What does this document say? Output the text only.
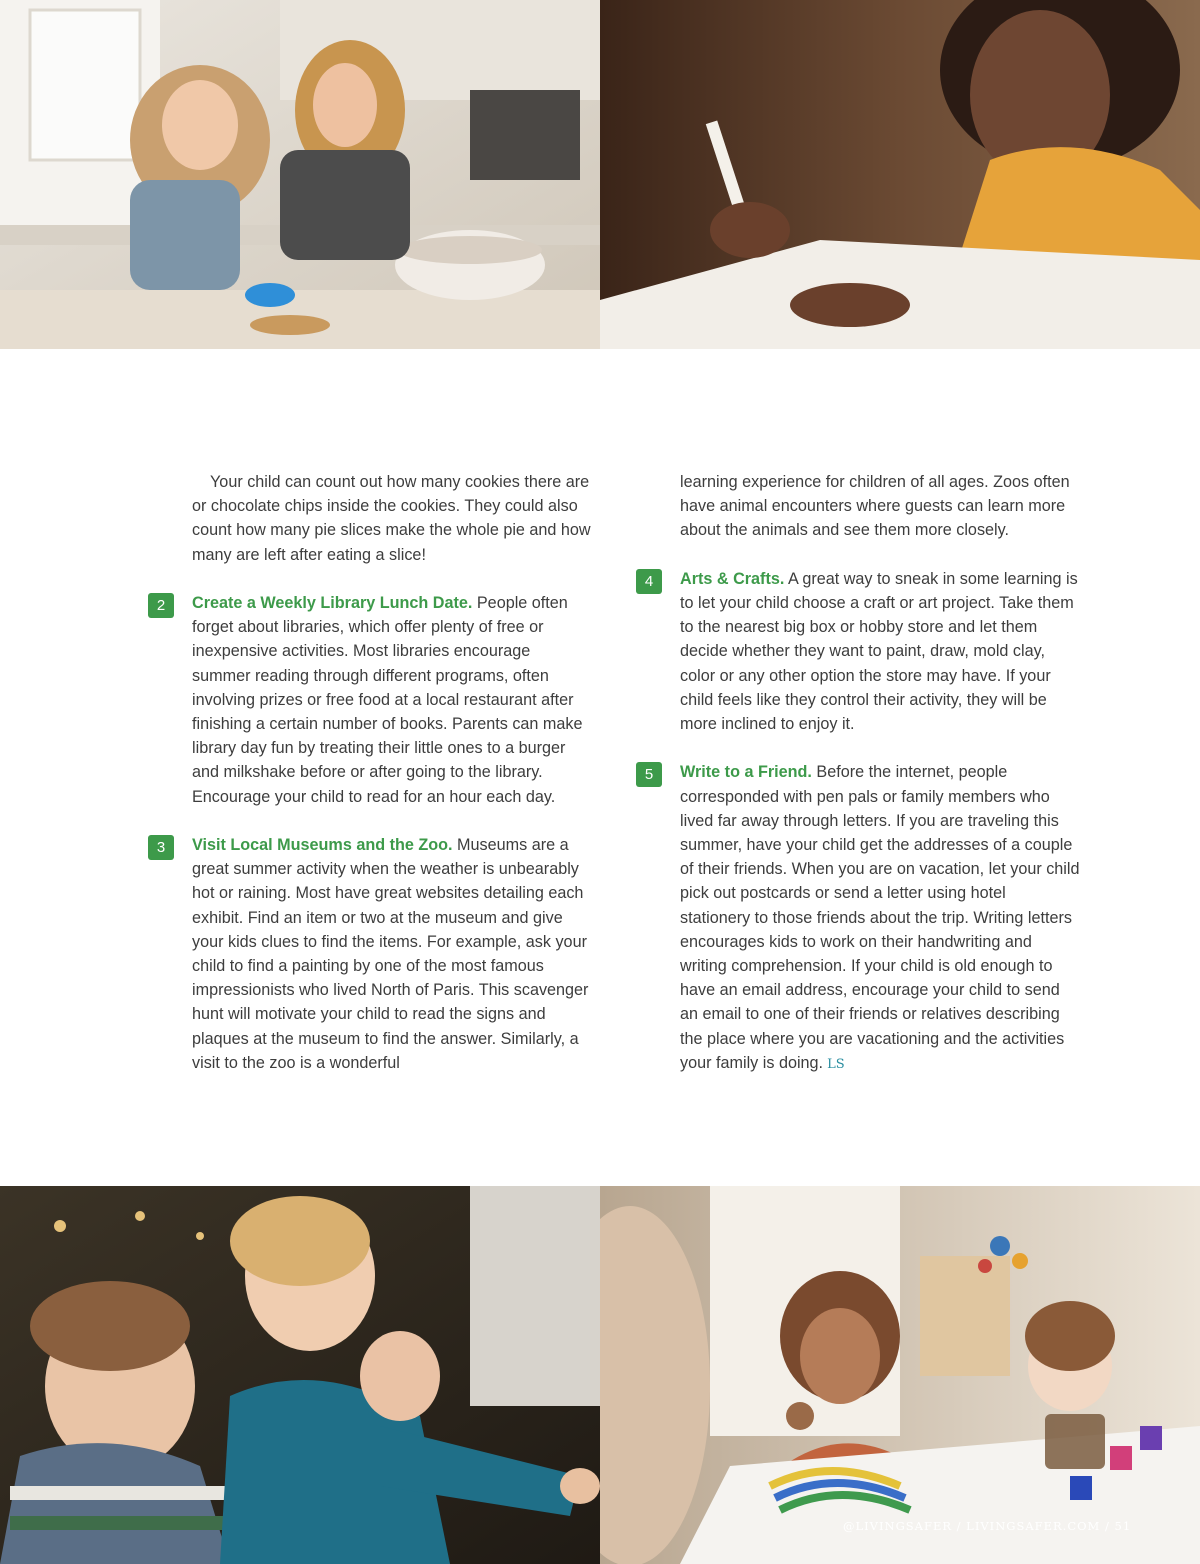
Your child can count out how many cookies there are or chocolate chips inside the cookies. They could also count how many pie slices make the whole pie and how many are left after eating a slice!

2	Create a Weekly Library Lunch Date. People often forget about libraries, which offer plenty of free or inexpensive activities. Most libraries encourage summer reading through different programs, often involving prizes or free food at a local restaurant after finishing a certain number of books. Parents can make library day fun by treating their little ones to a burger and milkshake before or after going to the library. Encourage your child to read for an hour each day.

3	Visit Local Museums and the Zoo. Museums are a great summer activity when the weather is unbearably hot or raining. Most have great websites detailing each exhibit. Find an item or two at the museum and give your kids clues to find the items. For example, ask your child to find a painting by one of the most famous impressionists who lived North of Paris. This scavenger hunt will motivate your child to read the signs and plaques at the museum to find the answer. Similarly, a visit to the zoo is a wonderful

learning experience for children of all ages. Zoos often have animal encounters where guests can learn more about the animals and see them more closely.

4	Arts & Crafts. A great way to sneak in some learning is to let your child choose a craft or art project. Take them to the nearest big box or hobby store and let them decide whether they want to paint, draw, mold clay, color or any other option the store may have. If your child feels like they control their activity, they will be more inclined to enjoy it.

5	Write to a Friend. Before the internet, people corresponded with pen pals or family members who lived far away through letters. If you are traveling this summer, have your child get the addresses of a couple of their friends. When you are on vacation, let your child pick out postcards or send a letter using hotel stationery to those friends about the trip. Writing letters encourages kids to work on their handwriting and writing comprehension. If your child is old enough to have an email address, encourage your child to send an email to one of their friends or relatives describing the place where you are vacationing and the activities your family is doing. LS

@LIVINGSAFER / LIVINGSAFER.COM / 51
